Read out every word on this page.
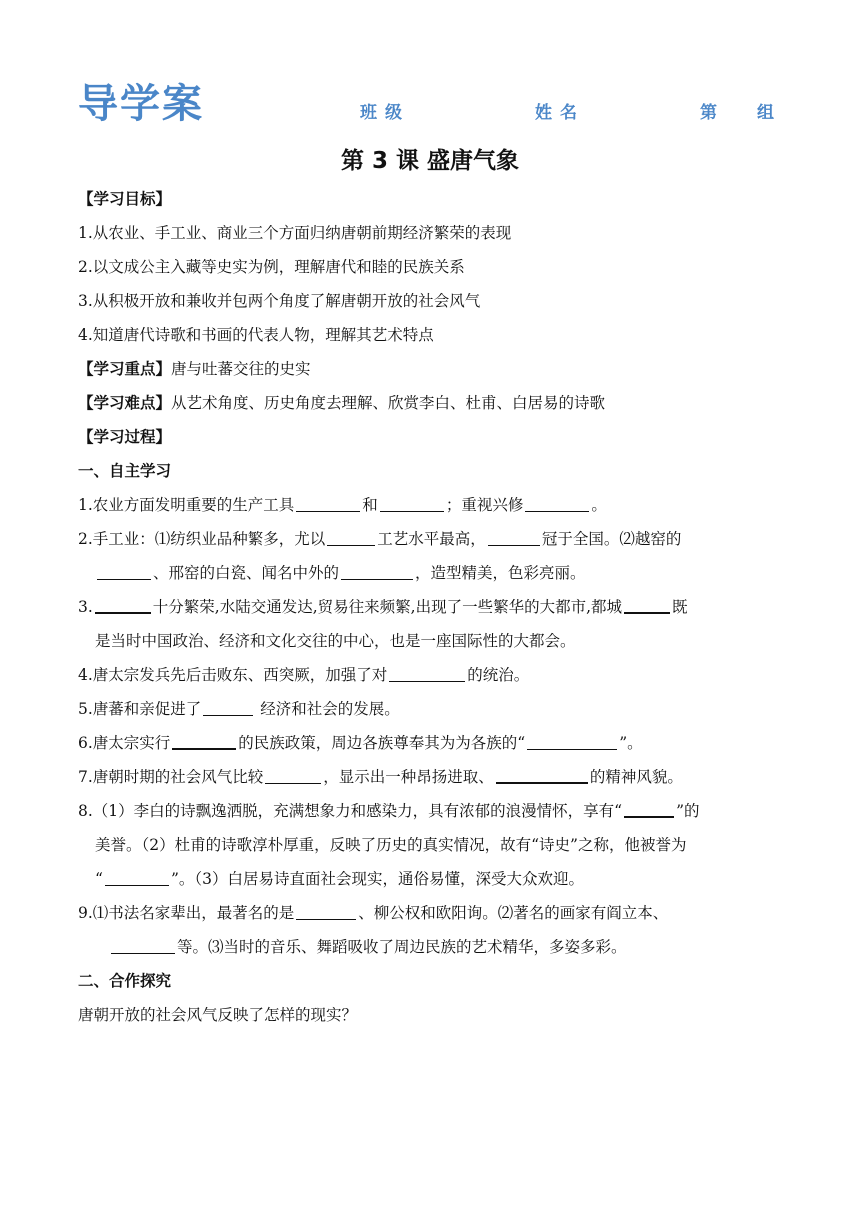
导学案	班级	姓名	第 组
第 3 课 盛唐气象
【学习目标】
1.从农业、手工业、商业三个方面归纳唐朝前期经济繁荣的表现
2.以文成公主入藏等史实为例，理解唐代和睦的民族关系
3.从积极开放和兼收并包两个角度了解唐朝开放的社会风气
4.知道唐代诗歌和书画的代表人物，理解其艺术特点
【学习重点】唐与吐蕃交往的史实
【学习难点】从艺术角度、历史角度去理解、欣赏李白、杜甫、白居易的诗歌
【学习过程】
一、自主学习
1.农业方面发明重要的生产工具	和	；重视兴修	。
2.手工业：⑴纺织业品种繁多，尤以	工艺水平最高，	冠于全国。⑵越窑的
、邢窑的白瓷、闻名中外的	，造型精美，色彩亮丽。
3.	十分繁荣,水陆交通发达,贸易往来频繁,出现了一些繁华的大都市,都城	既
是当时中国政治、经济和文化交往的中心，也是一座国际性的大都会。
4.唐太宗发兵先后击败东、西突厥，加强了对	的统治。
5.唐蕃和亲促进了	经济和社会的发展。
6.唐太宗实行	的民族政策，周边各族尊奉其为为各族的“	”。
7.唐朝时期的社会风气比较	，显示出一种昂扬进取、	的精神风貌。
8.（1）李白的诗飘逸洒脱，充满想象力和感染力，具有浓郁的浪漫情怀，享有“	”的
美誉。（2）杜甫的诗歌淳朴厚重，反映了历史的真实情况，故有“诗史”之称，他被誉为
“	”。（3）白居易诗直面社会现实，通俗易懂，深受大众欢迎。
9.⑴书法名家辈出，最著名的是	、柳公权和欧阳询。⑵著名的画家有阎立本、
等。⑶当时的音乐、舞蹈吸收了周边民族的艺术精华，多姿多彩。
二、合作探究
唐朝开放的社会风气反映了怎样的现实？
